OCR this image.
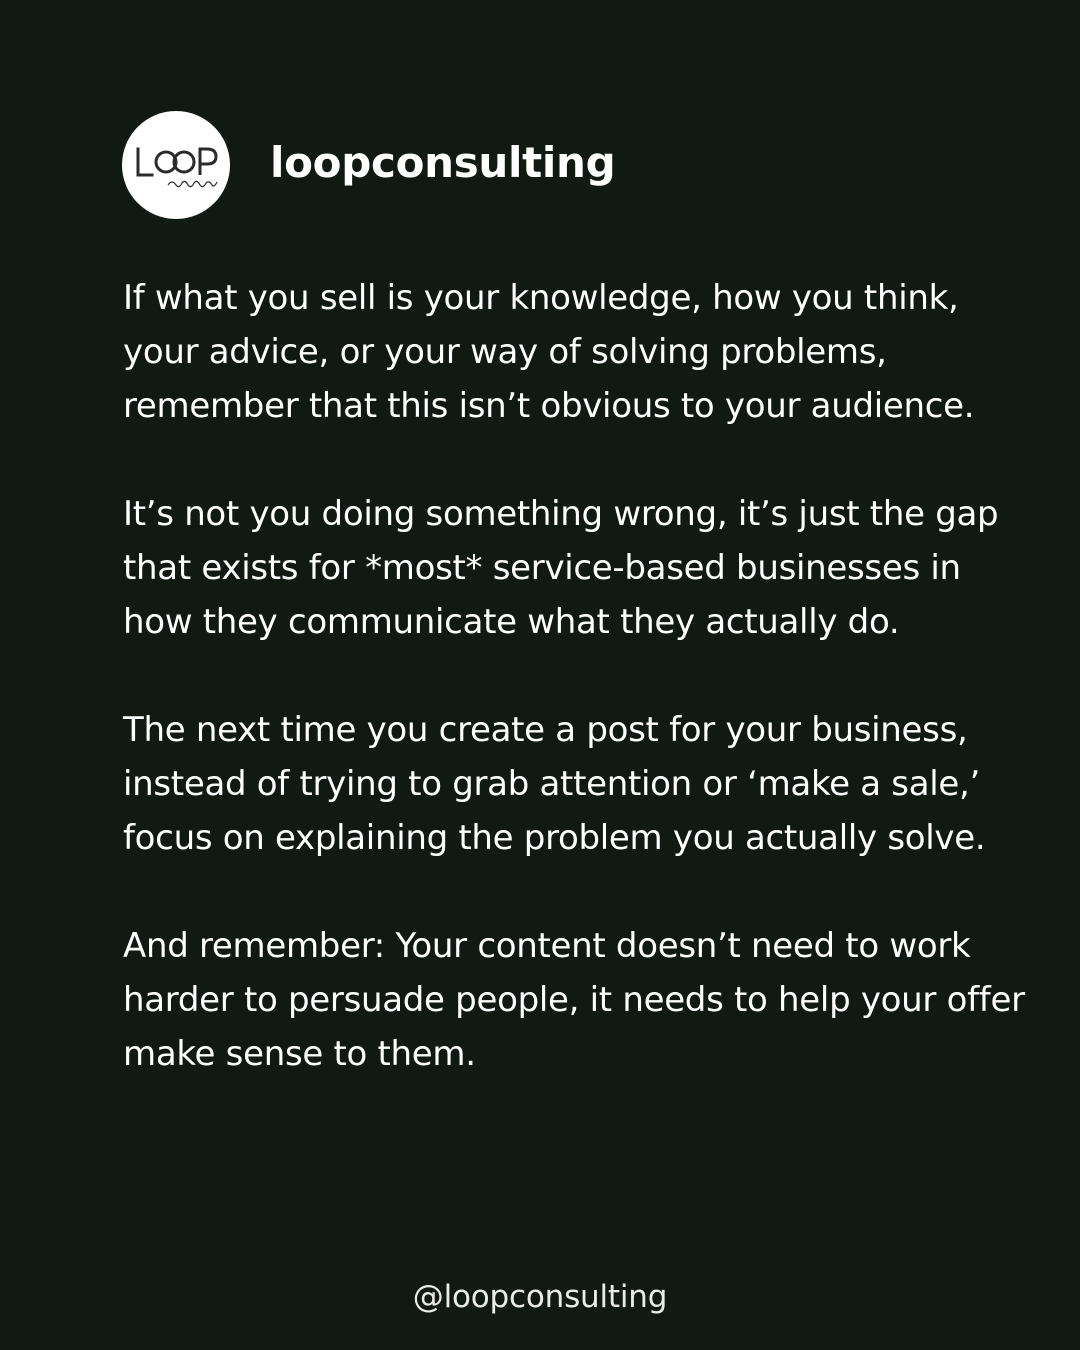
loopconsulting

If what you sell is your knowledge, how you think, your advice, or your way of solving problems, remember that this isn’t obvious to your audience.

It’s not you doing something wrong, it’s just the gap that exists for *most* service-based businesses in how they communicate what they actually do.

The next time you create a post for your business, instead of trying to grab attention or ‘make a sale,’ focus on explaining the problem you actually solve.

And remember: Your content doesn’t need to work harder to persuade people, it needs to help your offer make sense to them.

@loopconsulting
